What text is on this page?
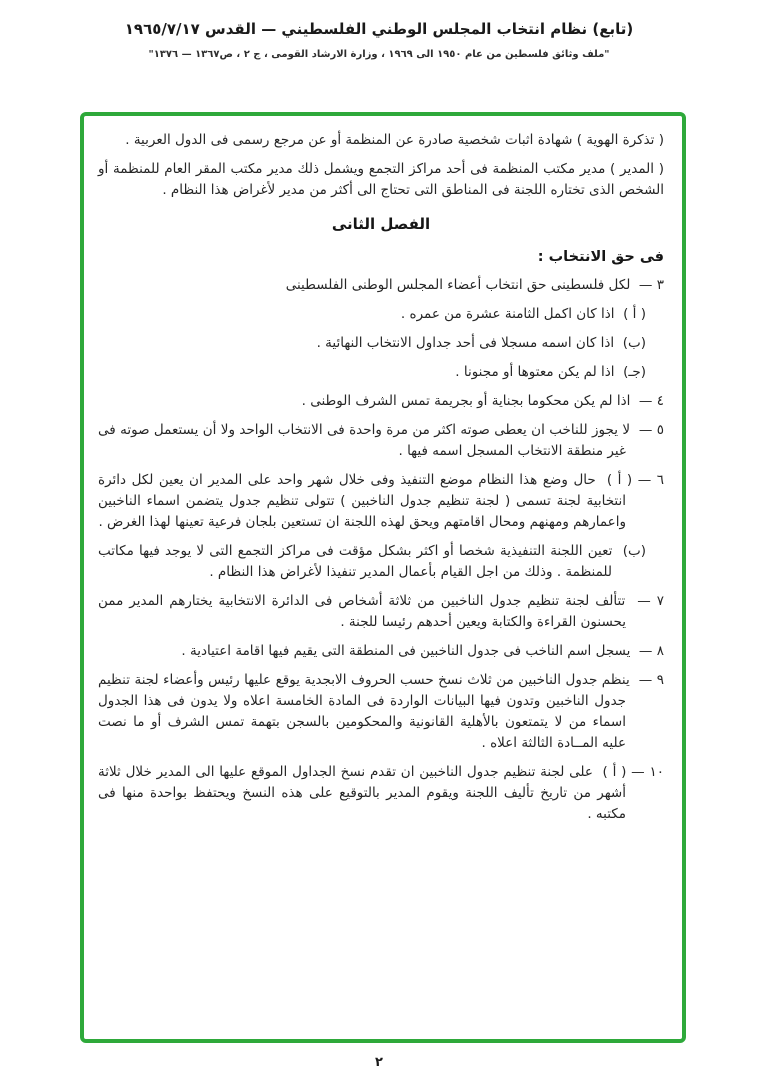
(تابع) نظام انتخاب المجلس الوطني الفلسطيني — القدس ١٩٦٥/٧/١٧
"ملف وثائق فلسطين من عام ١٩٥٠ الى ١٩٦٩ ، وزارة الارشاد القومى ، ج ٢ ، ص١٣٦٧ — ١٣٧٦"

( تذكرة الهوية ) شهادة اثبات شخصية صادرة عن المنظمة أو عن مرجع رسمى فى الدول العربية .

( المدير ) مدير مكتب المنظمة فى أحد مراكز التجمع ويشمل ذلك مدير مكتب المقر العام للمنظمة أو الشخص الذى تختاره اللجنة فى المناطق التى تحتاج الى أكثر من مدير لأغراض هذا النظام .

الفصل الثانى
فى حق الانتخاب :

٣ —  لكل فلسطينى حق انتخاب أعضاء المجلس الوطنى الفلسطينى

( أ )  اذا كان اكمل الثامنة عشرة من عمره .

(ب)  اذا كان اسمه مسجلا فى أحد جداول الانتخاب النهائية .

(جـ)  اذا لم يكن معتوها أو مجنونا .

٤ —  اذا لم يكن محكوما بجناية أو بجريمة تمس الشرف الوطنى .

٥ —  لا يجوز للناخب ان يعطى صوته اكثر من مرة واحدة فى الانتخاب الواحد ولا أن يستعمل صوته فى غير منطقة الانتخاب المسجل اسمه فيها .

٦ — ( أ )  حال وضع هذا النظام موضع التنفيذ وفى خلال شهر واحد على المدير ان يعين لكل دائرة انتخابية لجنة تسمى ( لجنة تنظيم جدول الناخبين ) تتولى تنظيم جدول يتضمن اسماء الناخبين واعمارهم ومهنهم ومحال اقامتهم ويحق لهذه اللجنة ان تستعين بلجان فرعية تعينها لهذا الغرض .

(ب)  تعين اللجنة التنفيذية شخصا أو اكثر بشكل مؤقت فى مراكز التجمع التى لا يوجد فيها مكاتب للمنظمة . وذلك من اجل القيام بأعمال المدير تنفيذا لأغراض هذا النظام .

٧ —  تتألف لجنة تنظيم جدول الناخبين من ثلاثة أشخاص فى الدائرة الانتخابية يختارهم المدير ممن يحسنون القراءة والكتابة ويعين أحدهم رئيسا للجنة .

٨ —  يسجل اسم الناخب فى جدول الناخبين فى المنطقة التى يقيم فيها اقامة اعتيادية .

٩ —  ينظم جدول الناخبين من ثلاث نسخ حسب الحروف الابجدية يوقع عليها رئيس وأعضاء لجنة تنظيم جدول الناخبين وتدون فيها البيانات الواردة فى المادة الخامسة اعلاه ولا يدون فى هذا الجدول اسماء من لا يتمتعون بالأهلية القانونية والمحكومين بالسجن بتهمة تمس الشرف أو ما نصت عليه المــادة الثالثة اعلاه .

١٠ — ( أ )  على لجنة تنظيم جدول الناخبين ان تقدم نسخ الجداول الموقع عليها الى المدير خلال ثلاثة أشهر من تاريخ تأليف اللجنة ويقوم المدير بالتوقيع على هذه النسخ ويحتفظ بواحدة منها فى مكتبه .

٢
